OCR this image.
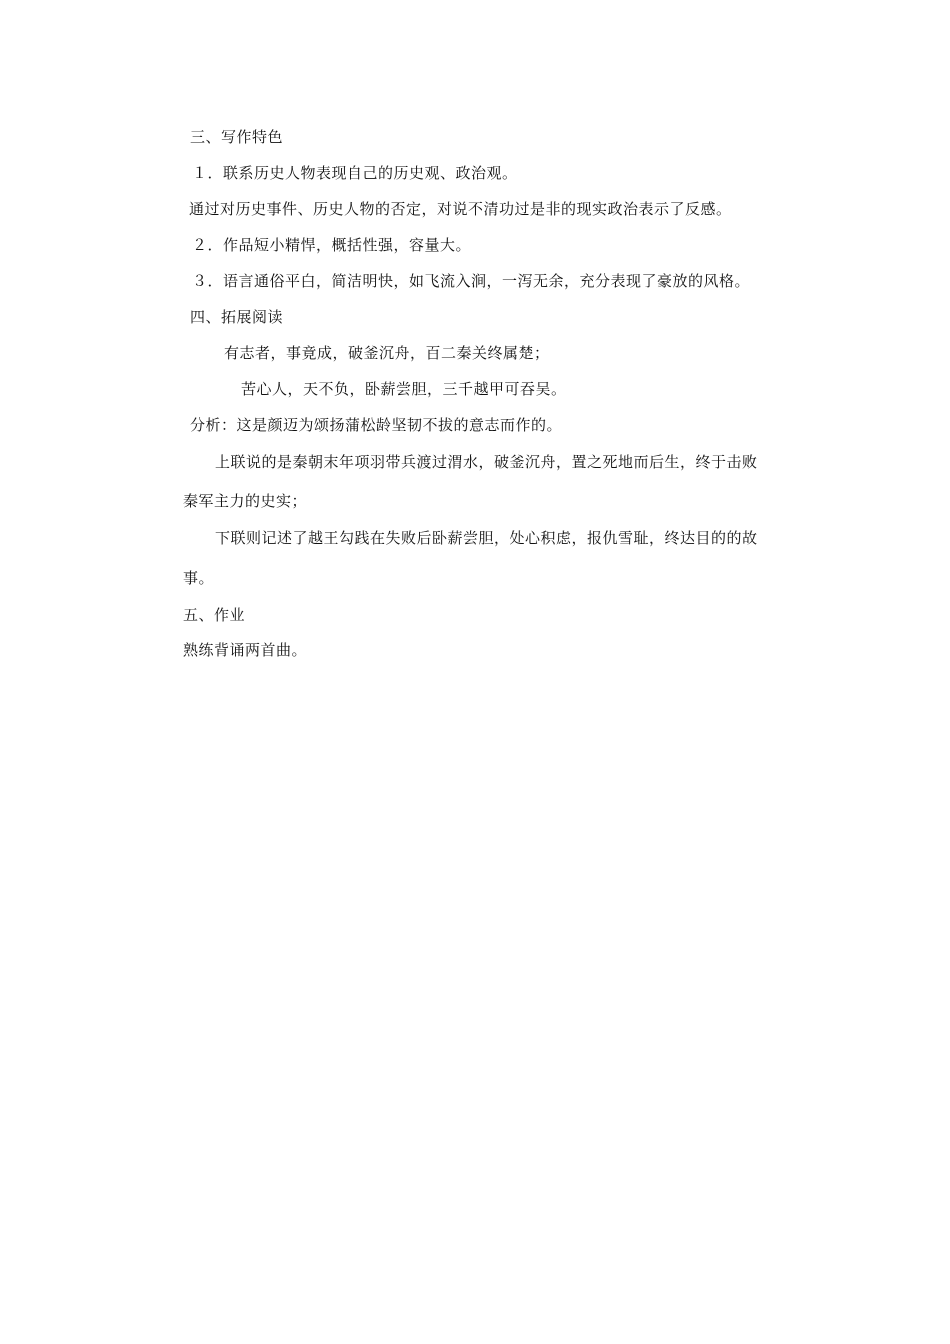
三、写作特色
１．联系历史人物表现自己的历史观、政治观。
通过对历史事件、历史人物的否定，对说不清功过是非的现实政治表示了反感。
２．作品短小精悍，概括性强，容量大。
３．语言通俗平白，简洁明快，如飞流入涧，一泻无余，充分表现了豪放的风格。
四、拓展阅读
有志者，事竟成，破釜沉舟，百二秦关终属楚；
苦心人，天不负，卧薪尝胆，三千越甲可吞吴。
分析：这是颜迈为颂扬蒲松龄坚韧不拔的意志而作的。
上联说的是秦朝末年项羽带兵渡过渭水，破釜沉舟，置之死地而后生，终于击败
秦军主力的史实；
下联则记述了越王勾践在失败后卧薪尝胆，处心积虑，报仇雪耻，终达目的的故
事。
五、作业
熟练背诵两首曲。
